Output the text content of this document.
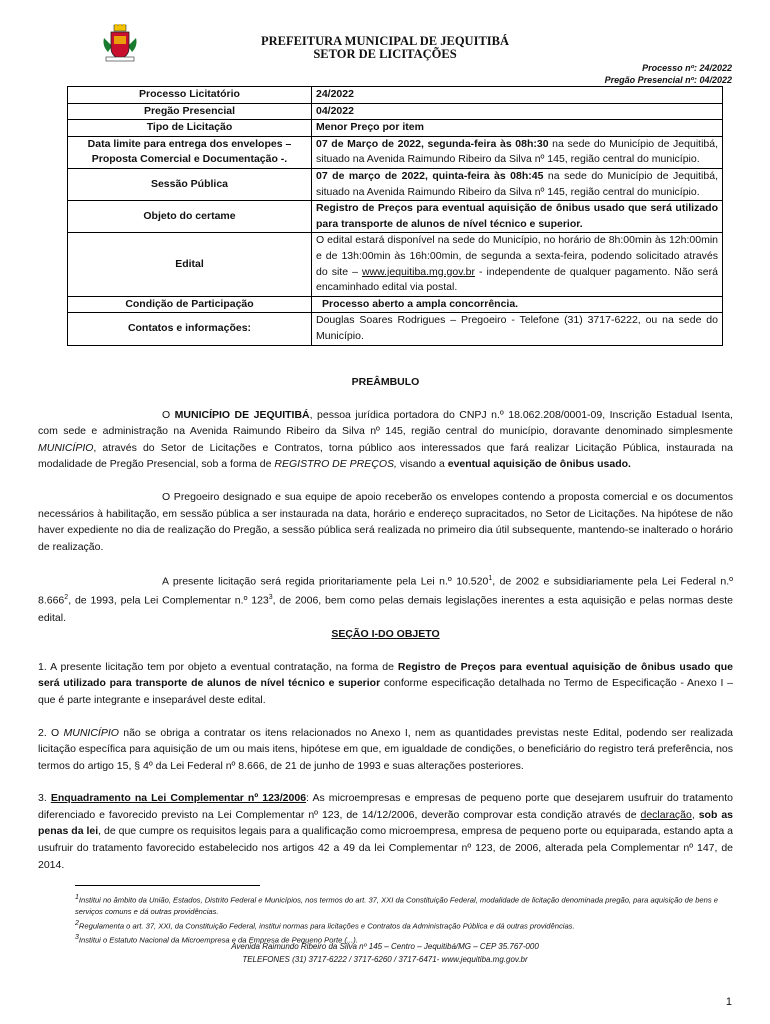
PREFEITURA MUNICIPAL DE JEQUITIBÁ
SETOR DE LICITAÇÕES
Processo nº: 24/2022
Pregão Presencial nº: 04/2022
Processo Licitatório	24/2022
Pregão Presencial	04/2022
Tipo de Licitação	Menor Preço por item
Data limite para entrega dos envelopes – Proposta Comercial e Documentação -.	07 de Março de 2022, segunda-feira às 08h:30 na sede do Município de Jequitibá, situado na Avenida Raimundo Ribeiro da Silva nº 145, região central do município.
Sessão Pública	07 de março de 2022, quinta-feira às 08h:45 na sede do Município de Jequitibá, situado na Avenida Raimundo Ribeiro da Silva nº 145, região central do município.
Objeto do certame	Registro de Preços para eventual aquisição de ônibus usado que será utilizado para transporte de alunos de nível técnico e superior.
Edital	O edital estará disponível na sede do Município, no horário de 8h:00min às 12h:00min e de 13h:00min às 16h:00min, de segunda a sexta-feira, podendo solicitado através do site – www.jequitiba.mg.gov.br - independente de qualquer pagamento. Não será encaminhado edital via postal.
Condição de Participação	Processo aberto a ampla concorrência.
Contatos e informações:	Douglas Soares Rodrigues – Pregoeiro - Telefone (31) 3717-6222, ou na sede do Município.

PREÂMBULO

O MUNICÍPIO DE JEQUITIBÁ, pessoa jurídica portadora do CNPJ n.º 18.062.208/0001-09, Inscrição Estadual Isenta, com sede e administração na Avenida Raimundo Ribeiro da Silva nº 145, região central do município, doravante denominado simplesmente MUNICÍPIO, através do Setor de Licitações e Contratos, torna público aos interessados que fará realizar Licitação Pública, instaurada na modalidade de Pregão Presencial, sob a forma de REGISTRO DE PREÇOS, visando a eventual aquisição de ônibus usado.

O Pregoeiro designado e sua equipe de apoio receberão os envelopes contendo a proposta comercial e os documentos necessários à habilitação, em sessão pública a ser instaurada na data, horário e endereço supracitados, no Setor de Licitações. Na hipótese de não haver expediente no dia de realização do Pregão, a sessão pública será realizada no primeiro dia útil subsequente, mantendo-se inalterado o horário de realização.

A presente licitação será regida prioritariamente pela Lei n.º 10.520$^1$, de 2002 e subsidiariamente pela Lei Federal n.º 8.666$^2$, de 1993, pela Lei Complementar n.º $123^3$, de 2006, bem como pelas demais legislações inerentes a esta aquisição e pelas normas deste edital.

SEÇÃO I-DO OBJETO

1. A presente licitação tem por objeto a eventual contratação, na forma de Registro de Preços para eventual aquisição de ônibus usado que será utilizado para transporte de alunos de nível técnico e superior conforme especificação detalhada no Termo de Especificação - Anexo I – que é parte integrante e inseparável deste edital.

2. O MUNICÍPIO não se obriga a contratar os itens relacionados no Anexo I, nem as quantidades previstas neste Edital, podendo ser realizada licitação específica para aquisição de um ou mais itens, hipótese em que, em igualdade de condições, o beneficiário do registro terá preferência, nos termos do artigo 15, § 4º da Lei Federal nº 8.666, de 21 de junho de 1993 e suas alterações posteriores.

3. Enquadramento na Lei Complementar nº 123/2006: As microempresas e empresas de pequeno porte que desejarem usufruir do tratamento diferenciado e favorecido previsto na Lei Complementar nº 123, de 14/12/2006, deverão comprovar esta condição através de declaração, sob as penas da lei, de que cumpre os requisitos legais para a qualificação como microempresa, empresa de pequeno porte ou equiparada, estando apta a usufruir do tratamento favorecido estabelecido nos artigos 42 a 49 da lei Complementar nº 123, de 2006, alterada pela Complementar nº 147, de 2014.

$^1$Institui no âmbito da União, Estados, Distrito Federal e Municípios, nos termos do art. 37, XXI da Constituição Federal, modalidade de licitação denominada pregão, para aquisição de bens e serviços comuns e dá outras providências.

$^2$Regulamenta o art. 37, XXI, da Constituição Federal, institui normas para licitações e Contratos da Administração Pública e dá outras providências.

$^3$Institui o Estatuto Nacional da Microempresa e da Empresa de Pequeno Porte (...).

Avenida Raimundo Ribeiro da Silva nº 145 – Centro – Jequitibá/MG – CEP 35.767-000
TELEFONES (31) 3717-6222 / 3717-6260 / 3717-6471- www.jequitiba.mg.gov.br
1
